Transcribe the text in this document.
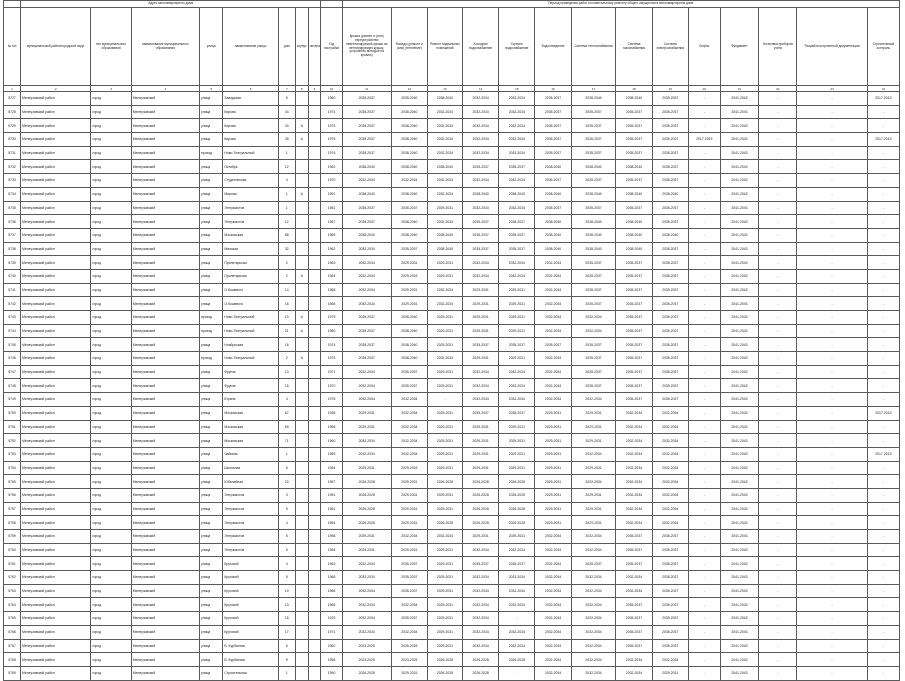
	Адрес многоквартирного дома									Период проведения работ по капитальному ремонту общего имущества в многоквартирном доме													
№ п/п	муниципальный район/городской округ	тип муниципального образования	наименование муниципального образования	улица	наименование улицы	дом	корпус	литера	Год постройки	Крыша (ремонт и (или) переустройство невентилируемой крыши на вентилируемую крышу, устройство выходов на кровлю)	Фасады (ремонт и (или) утепление)	Ремонт подвальных помещений	Холодное водоснабжение	Горячее водоснабжение	Водоотведение	Система теплоснабжения	Система газоснабжения	Система электроснабжения	Лифты	Фундамент	Установка приборов учета	Разработка проектной документации	Строительный контроль
1	2	3	4	5	6	7	8	9	10	11	12	13	14	15	16	17	18	19	20	21	22	23	24
5727	Мелеузовский район	город	Мелеузовский	улица	Заводская	5			1960	2035-2037	2035-2040	2038-2040	2032-2034	2032-2034	2035-2037	2038-2040	2038-2040	2035-2037	-	2041-2043	-	-	2017-2019
5728	Мелеузовский район	город	Мелеузовский	улица	Кирова	34			1974	2035-2037	2038-2040	2032-2034	2032-2034	2032-2034	2035-2037	2035-2037	2035-2037	2035-2037	-	2041-2043	-	-	-
5729	Мелеузовский район	город	Мелеузовский	улица	Кирова	34	А		1975	2035-2037	2038-2040	2032-2034	2032-2034	2032-2034	2035-2037	2035-2037	2035-2037	2035-2037	-	2041-2043	-	-	-
5730	Мелеузовский район	город	Мелеузовский	улица	Кирова	35	А		1975	2035-2037	2038-2040	2032-2034	2032-2034	2032-2034	2035-2037	2035-2037	2035-2037	2035-2037	2017-2019	2041-2043	-	-	2017-2019
5731	Мелеузовский район	город	Мелеузовский	проезд	Ново-Театральный	1			1976	2035-2037	2038-2040	2032-2034	2032-2034	2032-2034	2035-2037	2035-2037	2035-2037	2035-2037	-	2041-2043	-	-	-
5732	Мелеузовский район	город	Мелеузовский	улица	Октябрь	12			1962	2038-2040	2038-2040	2038-2040	2035-2037	2035-2037	2038-2040	2038-2040	2038-2040	2035-2037	-	2041-2043	-	-	-
5733	Мелеузовский район	город	Мелеузовский	улица	Студенческая	4			1970	2032-2034	2032-2034	2032-2034	2032-2034	2032-2034	2035-2037	2035-2037	2035-2037	2035-2037	-	2041-2043	-	-	-
5734	Мелеузовский район	город	Мелеузовский	улица	Мирная	1	А		1991	2038-2040	2038-2040	2032-2034	2038-2040	2038-2040	2038-2040	2038-2040	2038-2040	2038-2040	-	2041-2043	-	-	-
5735	Мелеузовский район	город	Мелеузовский	улица	Энтузиастов	1			1952	2035-2037	2035-2037	2029-2031	2032-2034	2032-2034	2035-2037	2035-2037	2035-2037	2035-2037	-	2041-2043	-	-	-
5736	Мелеузовский район	город	Мелеузовский	улица	Энтузиастов	12			1967	2035-2037	2038-2040	2032-2034	2035-2037	2035-2037	2038-2040	2038-2040	2038-2040	2035-2037	-	2041-2043	-	-	-
5737	Мелеузовский район	город	Мелеузовский	улица	Московская	88			1969	2038-2040	2038-2040	2038-2040	2035-2037	2035-2037	2038-2040	2038-2040	2038-2040	2038-2040	-	2041-2043	-	-	-
5738	Мелеузовский район	город	Мелеузовский	улица	Минская	32			1962	2032-2034	2035-2037	2038-2040	2035-2037	2035-2037	2038-2040	2038-2040	2038-2040	2035-2037	-	2041-2043	-	-	-
5739	Мелеузовский район	город	Мелеузовский	улица	Пролетарская	2			1963	2032-2034	2029-2031	2029-2031	2032-2034	2032-2034	2032-2034	2035-2037	2035-2037	2035-2037	-	2041-2043	-	-	-
5740	Мелеузовский район	город	Мелеузовский	улица	Пролетарская	2	А		1964	2032-2034	2029-2031	2029-2031	2032-2034	2032-2034	2032-2034	2035-2037	2035-2037	2035-2037	-	2041-2043	-	-	-
5741	Мелеузовский район	город	Мелеузовский	улица	О.Кошевого	14			1968	2032-2034	2029-2031	2032-2034	2029-2031	2029-2031	2032-2034	2035-2037	2035-2037	2035-2037	-	2041-2043	-	-	-
5742	Мелеузовский район	город	Мелеузовский	улица	О.Кошевого	16			1968	2032-2034	2029-2031	2032-2034	2029-2031	2029-2031	2032-2034	2035-2037	2035-2037	2035-2037	-	2041-2043	-	-	-
5743	Мелеузовский район	город	Мелеузовский	проезд	Ново-Театральный	19	А		1979	2035-2037	2038-2040	2029-2031	2029-2031	2029-2031	2032-2034	2032-2034	2035-2037	2035-2037	-	2041-2043	-	-	-
5744	Мелеузовский район	город	Мелеузовский	проезд	Ново-Театральный	21	А		1980	2035-2037	2038-2040	2029-2031	2029-2031	2029-2031	2032-2034	2032-2034	2035-2037	2035-2037	-	2041-2043	-	-	-
5745	Мелеузовский район	город	Мелеузовский	улица	Ноябрьская	16			1974	2035-2037	2038-2040	2029-2031	2035-2037	2035-2037	2035-2037	2035-2037	2035-2037	2035-2037	-	2041-2043	-	-	-
5746	Мелеузовский район	город	Мелеузовский	проезд	Ново-Театральный	2	А		1975	2035-2037	2038-2040	2032-2034	2029-2031	2029-2031	2032-2034	2035-2037	2035-2037	2035-2037	-	2041-2043	-	-	-
5747	Мелеузовский район	город	Мелеузовский	улица	Фрунзе	13			1971	2032-2034	2035-2037	2029-2031	2032-2034	2032-2034	2032-2034	2035-2037	2035-2037	2035-2037	-	2041-2043	-	-	-
5748	Мелеузовский район	город	Мелеузовский	улица	Фрунзе	15			1970	2032-2034	2035-2037	2029-2031	2032-2034	2032-2034	2032-2034	2035-2037	2035-2037	2035-2037	-	2041-2043	-	-	-
5749	Мелеузовский район	город	Мелеузовский	улица	Юрина	4			1978	2032-2034	2032-2034	-	2032-2034	2032-2034	2032-2034	2032-2034	2035-2037	2035-2037	-	2041-2043	-	-	-
5750	Мелеузовский район	город	Мелеузовский	улица	Московская	67			1938	2029-2031	2032-2034	2029-2031	2035-2037	2035-2037	2029-2031	2029-2031	2032-2034	2032-2034	-	2041-2043	-	-	2017-2019
5751	Мелеузовский район	город	Мелеузовский	улица	Московская	69			1958	2029-2031	2032-2034	2029-2031	2029-2031	2029-2031	2029-2031	2029-2031	2032-2034	2032-2034	-	2041-2043	-	-	-
5752	Мелеузовский район	город	Мелеузовский	улица	Московская	71			1960	2032-2034	2032-2034	2029-2031	2029-2031	2029-2031	2029-2031	2029-2031	2032-2034	2032-2034	-	2041-2043	-	-	-
5753	Мелеузовский район	город	Мелеузовский	улица	Чайкина	1			1959	2032-2034	2032-2034	2029-2031	2029-2031	2029-2031	2029-2031	2032-2034	2032-2034	2032-2034	-	2041-2043	-	-	2017-2019
5754	Мелеузовский район	город	Мелеузовский	улица	Школьная	6			1954	2029-2031	2029-2031	2029-2031	2029-2031	2029-2031	2029-2031	2029-2031	2032-2034	2032-2034	-	2041-2043	-	-	-
5755	Мелеузовский район	город	Мелеузовский	улица	Юбилейная	20			1957	2026-2028	2029-2031	2026-2028	2026-2028	2026-2028	2029-2031	2032-2034	2032-2034	2032-2034	-	2041-2043	-	-	-
5756	Мелеузовский район	город	Мелеузовский	улица	Энтузиастов	3			1951	2026-2028	2029-2031	2029-2031	2026-2028	2026-2028	2029-2031	2029-2031	2032-2034	2032-2034	-	2041-2043	-	-	-
5757	Мелеузовский район	город	Мелеузовский	улица	Энтузиастов	5			1951	2026-2028	2029-2031	2029-2031	2026-2028	2026-2028	2029-2031	2029-2031	2032-2034	2032-2034	-	2041-2043	-	-	-
5758	Мелеузовский район	город	Мелеузовский	улица	Энтузиастов	4			1954	2026-2028	2029-2031	2026-2028	2026-2028	2026-2028	2029-2031	2029-2031	2032-2034	2032-2034	-	2041-2043	-	-	-
5759	Мелеузовский район	город	Мелеузовский	улица	Энтузиастов	6			1958	2029-2031	2032-2034	2032-2034	2029-2031	2029-2031	2032-2034	2032-2034	2035-2037	2035-2037	-	2041-2043	-	-	-
5760	Мелеузовский район	город	Мелеузовский	улица	Энтузиастов	5			1954	2029-2031	2029-2031	2029-2031	2032-2034	2032-2034	2032-2034	2032-2034	2035-2037	2035-2037	-	2041-2043	-	-	-
5761	Мелеузовский район	город	Мелеузовский	улица	Круговой	4			1963	2032-2034	2035-2037	2029-2031	2035-2037	2035-2037	2032-2034	2035-2037	2035-2037	2035-2037	-	2041-2043	-	-	-
5762	Мелеузовский район	город	Мелеузовский	улица	Круговой	5			1968	2032-2034	2035-2037	2029-2031	2032-2034	2032-2034	2032-2034	2032-2034	2032-2034	2035-2037	-	2041-2043	-	-	-
5763	Мелеузовский район	город	Мелеузовский	улица	Круговой	10			1968	2032-2034	2035-2037	2029-2031	2032-2034	2032-2034	2032-2034	2032-2034	2032-2034	2035-2037	-	2041-2043	-	-	-
5764	Мелеузовский район	город	Мелеузовский	улица	Круговой	13			1965	2032-2034	2032-2034	2029-2031	2032-2034	2032-2034	2032-2034	2032-2034	2035-2037	2035-2037	-	2041-2043	-	-	-
5765	Мелеузовский район	город	Мелеузовский	улица	Круговой	15			1976	2032-2034	2035-2037	2029-2031	2032-2034	-	2032-2034	2032-2034	2035-2037	2035-2037	-	2041-2043	-	-	-
5766	Мелеузовский район	город	Мелеузовский	улица	Круговой	17			1971	2032-2034	2032-2034	2029-2031	2032-2034	2032-2034	2032-2034	2032-2034	2035-2037	2035-2037	-	2041-2043	-	-	-
5767	Мелеузовский район	город	Мелеузовский	улица	В. Курбатова	6			1960	2023-2025	2026-2028	2029-2031	2032-2034	2032-2034	2032-2034	2032-2034	2035-2037	2035-2037	-	2041-2043	-	-	-
5768	Мелеузовский район	город	Мелеузовский	улица	В. Курбатова	9			1958	2023-2025	2023-2025	2026-2028	2026-2028	2026-2028	2032-2034	2032-2034	2032-2034	2032-2034	-	2041-2043	-	-	-
5769	Мелеузовский район	город	Мелеузовский	улица	Строительная	1			1950	2026-2028	2029-2031	2026-2028	2026-2028	-	2032-2034	2032-2034	2032-2034	2029-2031	-	2041-2043	-	-	-
